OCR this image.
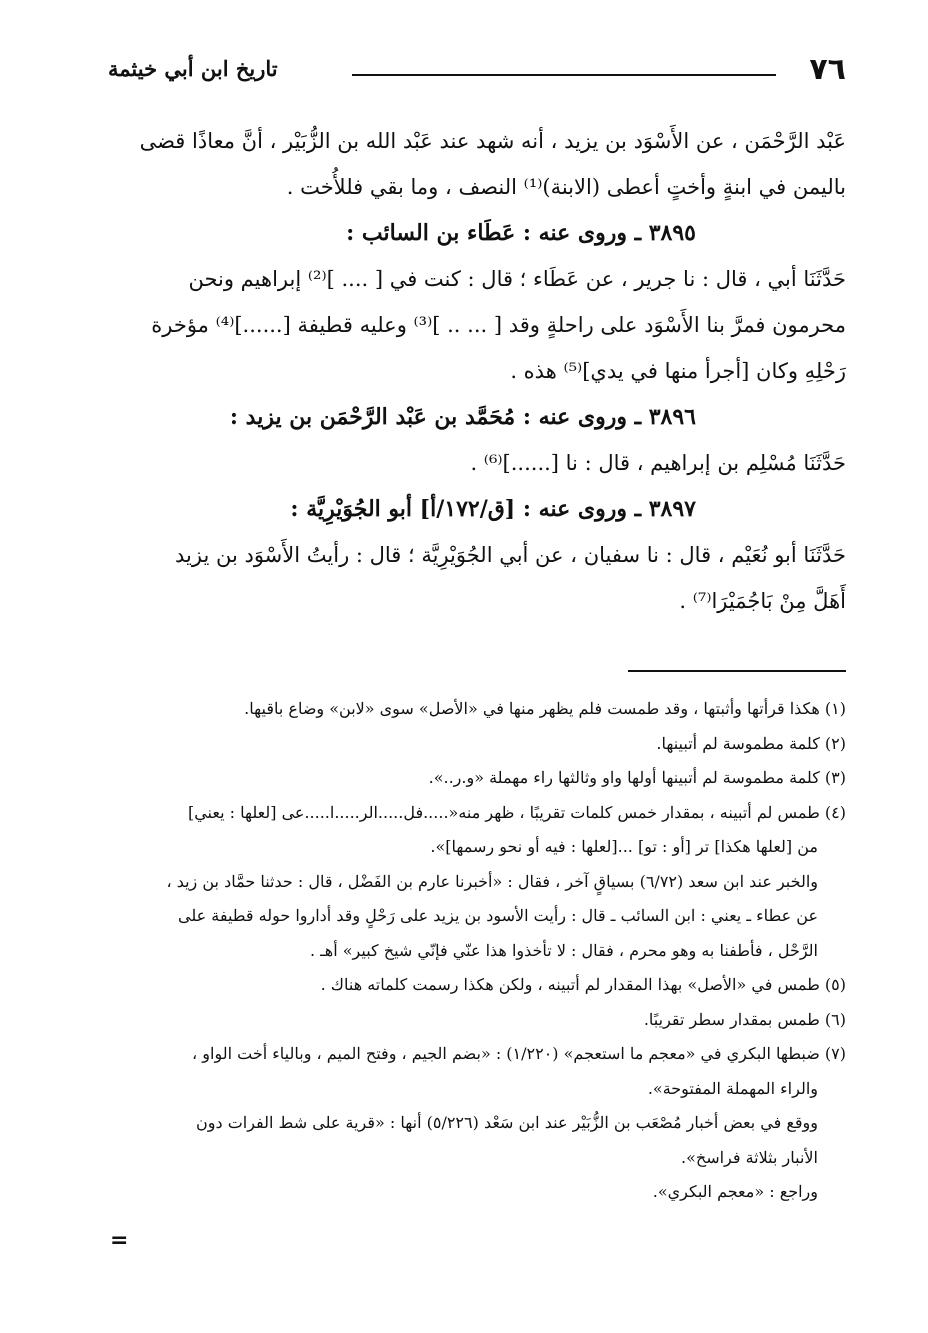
٧٦
تاريخ ابن أبي خيثمة

عَبْد الرَّحْمَن ، عن الأَسْوَد بن يزيد ، أنه شهد عند عَبْد الله بن الزُّبَيْر ، أنَّ معاذًا قضى

باليمن في ابنةٍ وأختٍ أعطى (الابنة)⁽¹⁾ النصف ، وما بقي فللأُخت .

٣٨٩٥ ـ وروى عنه : عَطَاء بن السائب :

حَدَّثَنَا أبي ، قال : نا جرير ، عن عَطَاء ؛ قال : كنت في [ .... ]⁽²⁾ إبراهيم ونحن

محرمون فمرَّ بنا الأَسْوَد على راحلةٍ وقد [ ... .. ]⁽³⁾ وعليه قطيفة [......]⁽⁴⁾ مؤخرة

رَحْلِهِ وكان [أجرأ منها في يدي]⁽⁵⁾ هذه .

٣٨٩٦ ـ وروى عنه : مُحَمَّد بن عَبْد الرَّحْمَن بن يزيد :

حَدَّثَنَا مُسْلِم بن إبراهيم ، قال : نا [......]⁽⁶⁾ .

٣٨٩٧ ـ وروى عنه : [ق/١٧٢/أ] أبو الجُوَيْرِيَّة :

حَدَّثَنَا أبو نُعَيْم ، قال : نا سفيان ، عن أبي الجُوَيْرِيَّة ؛ قال : رأيتُ الأَسْوَد بن يزيد

أَهَلَّ مِنْ بَاجُمَيْرَا⁽⁷⁾ .

(١) هكذا قرأتها وأثبتها ، وقد طمست فلم يظهر منها في «الأصل» سوى «لابن» وضاع باقيها.

(٢) كلمة مطموسة لم أتبينها.

(٣) كلمة مطموسة لم أتبينها أولها واو وثالثها راء مهملة «و.ر..».

(٤) طمس لم أتبينه ، بمقدار خمس كلمات تقريبًا ، ظهر منه«.....فل.....الر.....ا.....عى [لعلها : يعني]

من [لعلها هكذا] تر [أو : تو] ...[لعلها : فيه أو نحو رسمها]».

والخبر عند ابن سعد (٦/٧٢) بسياقٍ آخر ، فقال : «أخبرنا عارم بن الفَضْل ، قال : حدثنا حمَّاد بن زيد ،

عن عطاء ـ يعني : ابن السائب ـ قال : رأيت الأسود بن يزيد على رَحْلٍ وقد أداروا حوله قطيفة على

الرَّحْل ، فأطفنا به وهو محرم ، فقال : لا تأخذوا هذا عنّي فإنّي شيخ كبير» أهـ .

(٥) طمس في «الأصل» بهذا المقدار لم أتبينه ، ولكن هكذا رسمت كلماته هناك .

(٦) طمس بمقدار سطر تقريبًا.

(٧) ضبطها البكري في «معجم ما استعجم» (١/٢٢٠) : «بضم الجيم ، وفتح الميم ، وبالياء أخت الواو ،

والراء المهملة المفتوحة».

ووقع في بعض أخبار مُصْعَب بن الزُّبَيْر عند ابن سَعْد (٥/٢٢٦) أنها : «قرية على شط الفرات دون

الأنبار بثلاثة فراسخ».

وراجع : «معجم البكري».

=
